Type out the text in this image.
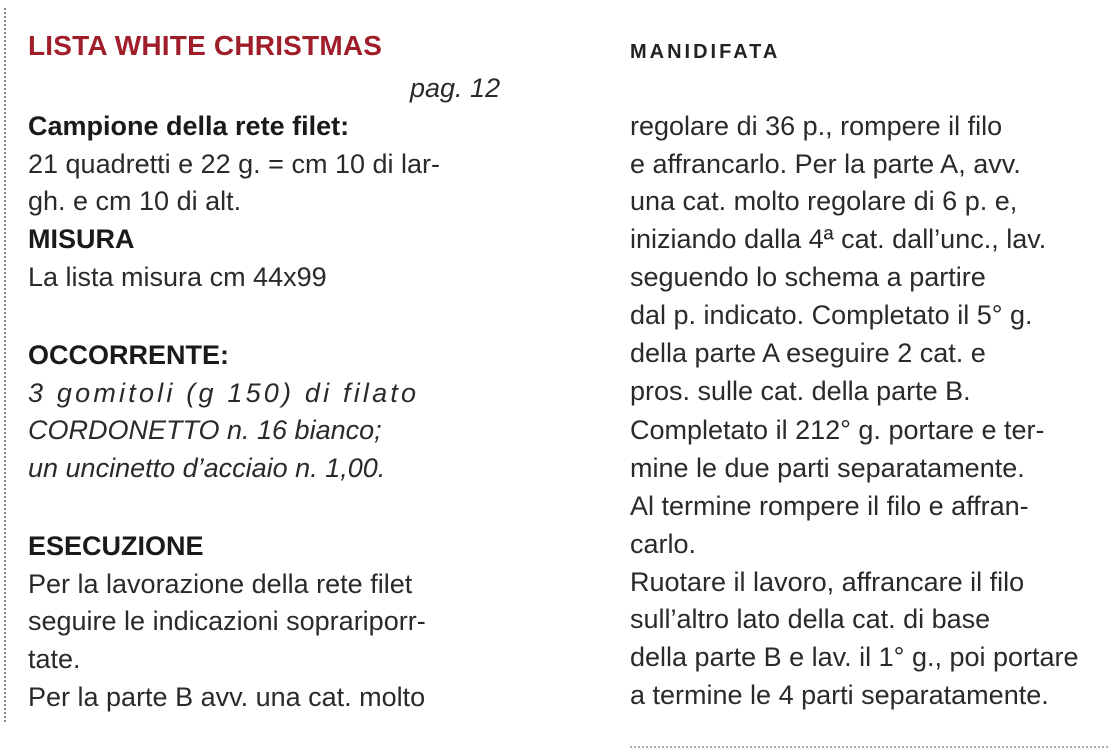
LISTA WHITE CHRISTMAS
pag. 12
Campione della rete filet:
21 quadretti e 22 g. = cm 10 di lar-
gh. e cm 10 di alt.
MISURA
La lista misura cm 44x99
OCCORRENTE:
3 gomitoli (g 150) di filato
CORDONETTO n. 16 bianco;
un uncinetto d’acciaio n. 1,00.
ESECUZIONE
Per la lavorazione della rete filet
seguire le indicazioni soprariporr-
tate.
Per la parte B avv. una cat. molto
MANIDIFATA
regolare di 36 p., rompere il filo
e affrancarlo. Per la parte A, avv.
una cat. molto regolare di 6 p. e,
iniziando dalla 4ª cat. dall’unc., lav.
seguendo lo schema a partire
dal p. indicato. Completato il 5° g.
della parte A eseguire 2 cat. e
pros. sulle cat. della parte B.
Completato il 212° g. portare e ter-
mine le due parti separatamente.
Al termine rompere il filo e affran-
carlo.
Ruotare il lavoro, affrancare il filo
sull’altro lato della cat. di base
della parte B e lav. il 1° g., poi portare
a termine le 4 parti separatamente.
